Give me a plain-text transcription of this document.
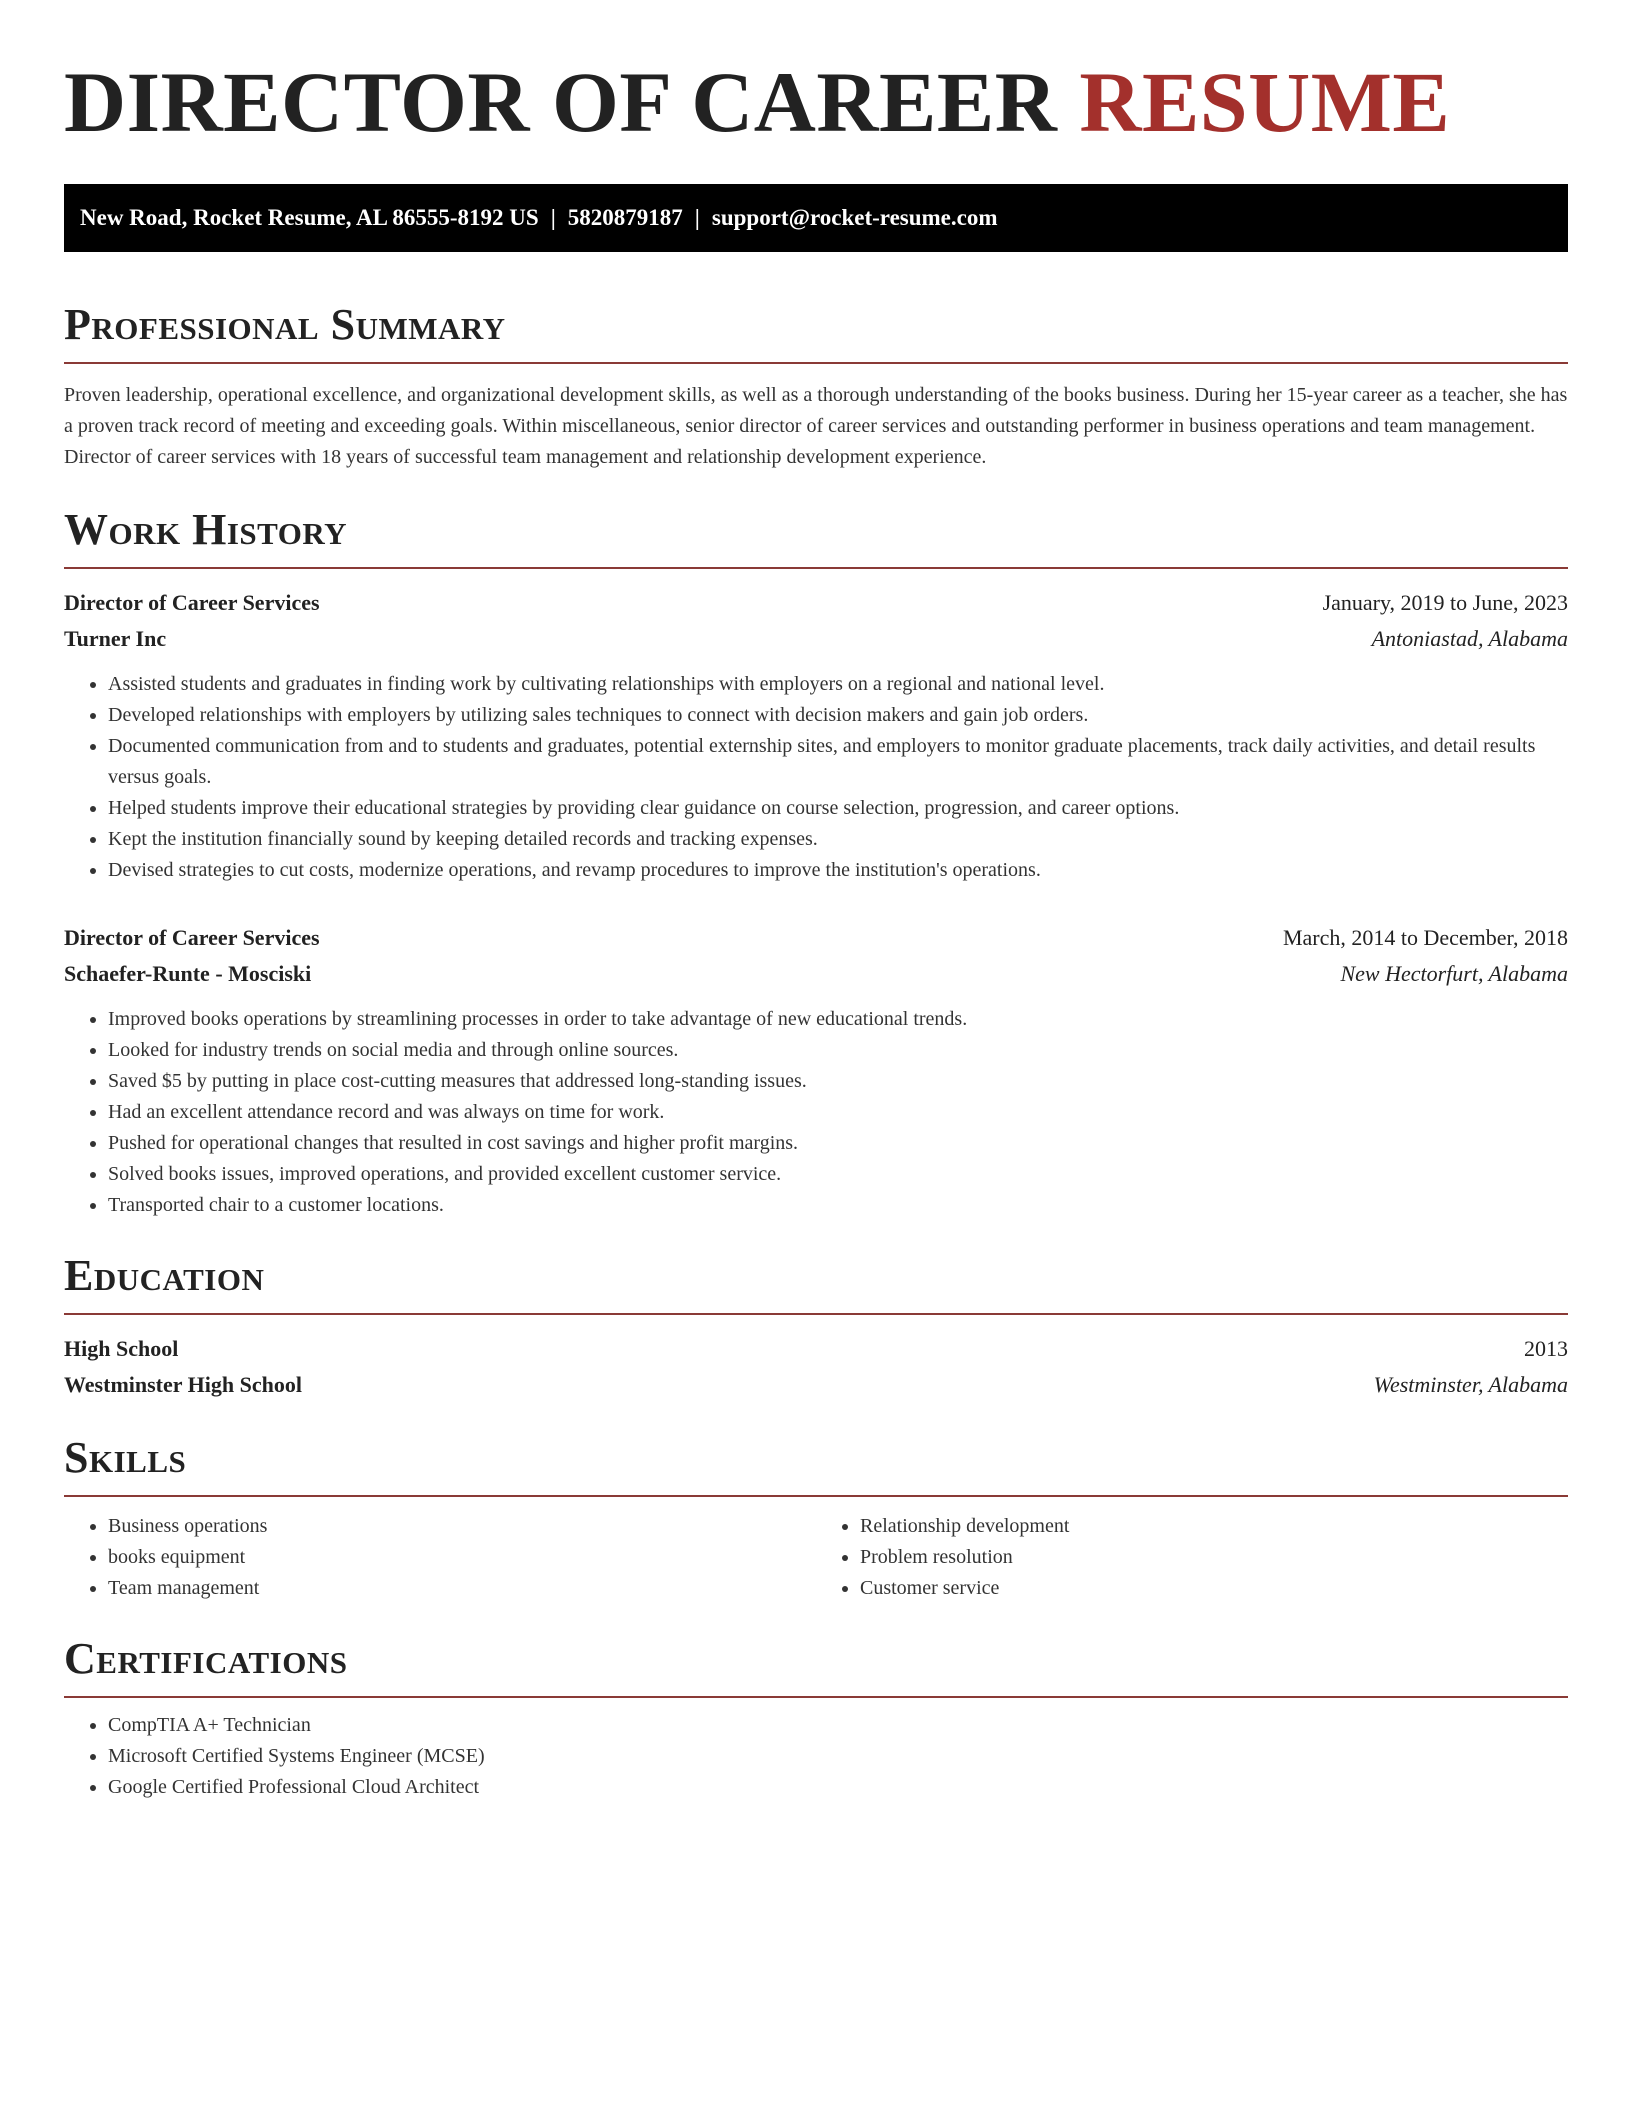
DIRECTOR OF CAREER RESUME
New Road, Rocket Resume, AL 86555-8192 US | 5820879187 | support@rocket-resume.com
Professional Summary

Proven leadership, operational excellence, and organizational development skills, as well as a thorough understanding of the books business. During her 15-year career as a teacher, she has a proven track record of meeting and exceeding goals. Within miscellaneous, senior director of career services and outstanding performer in business operations and team management. Director of career services with 18 years of successful team management and relationship development experience.

Work History
Director of Career Services	January, 2019 to June, 2023
Turner Inc	Antoniastad, Alabama
• Assisted students and graduates in finding work by cultivating relationships with employers on a regional and national level.
• Developed relationships with employers by utilizing sales techniques to connect with decision makers and gain job orders.
• Documented communication from and to students and graduates, potential externship sites, and employers to monitor graduate placements, track daily activities, and detail results versus goals.
• Helped students improve their educational strategies by providing clear guidance on course selection, progression, and career options.
• Kept the institution financially sound by keeping detailed records and tracking expenses.
• Devised strategies to cut costs, modernize operations, and revamp procedures to improve the institution's operations.
Director of Career Services	March, 2014 to December, 2018
Schaefer-Runte - Mosciski	New Hectorfurt, Alabama
• Improved books operations by streamlining processes in order to take advantage of new educational trends.
• Looked for industry trends on social media and through online sources.
• Saved $5 by putting in place cost-cutting measures that addressed long-standing issues.
• Had an excellent attendance record and was always on time for work.
• Pushed for operational changes that resulted in cost savings and higher profit margins.
• Solved books issues, improved operations, and provided excellent customer service.
• Transported chair to a customer locations.
Education
High School	2013
Westminster High School	Westminster, Alabama
Skills
• Business operations
• books equipment
• Team management
• Relationship development
• Problem resolution
• Customer service
Certifications
• CompTIA A+ Technician
• Microsoft Certified Systems Engineer (MCSE)
• Google Certified Professional Cloud Architect
